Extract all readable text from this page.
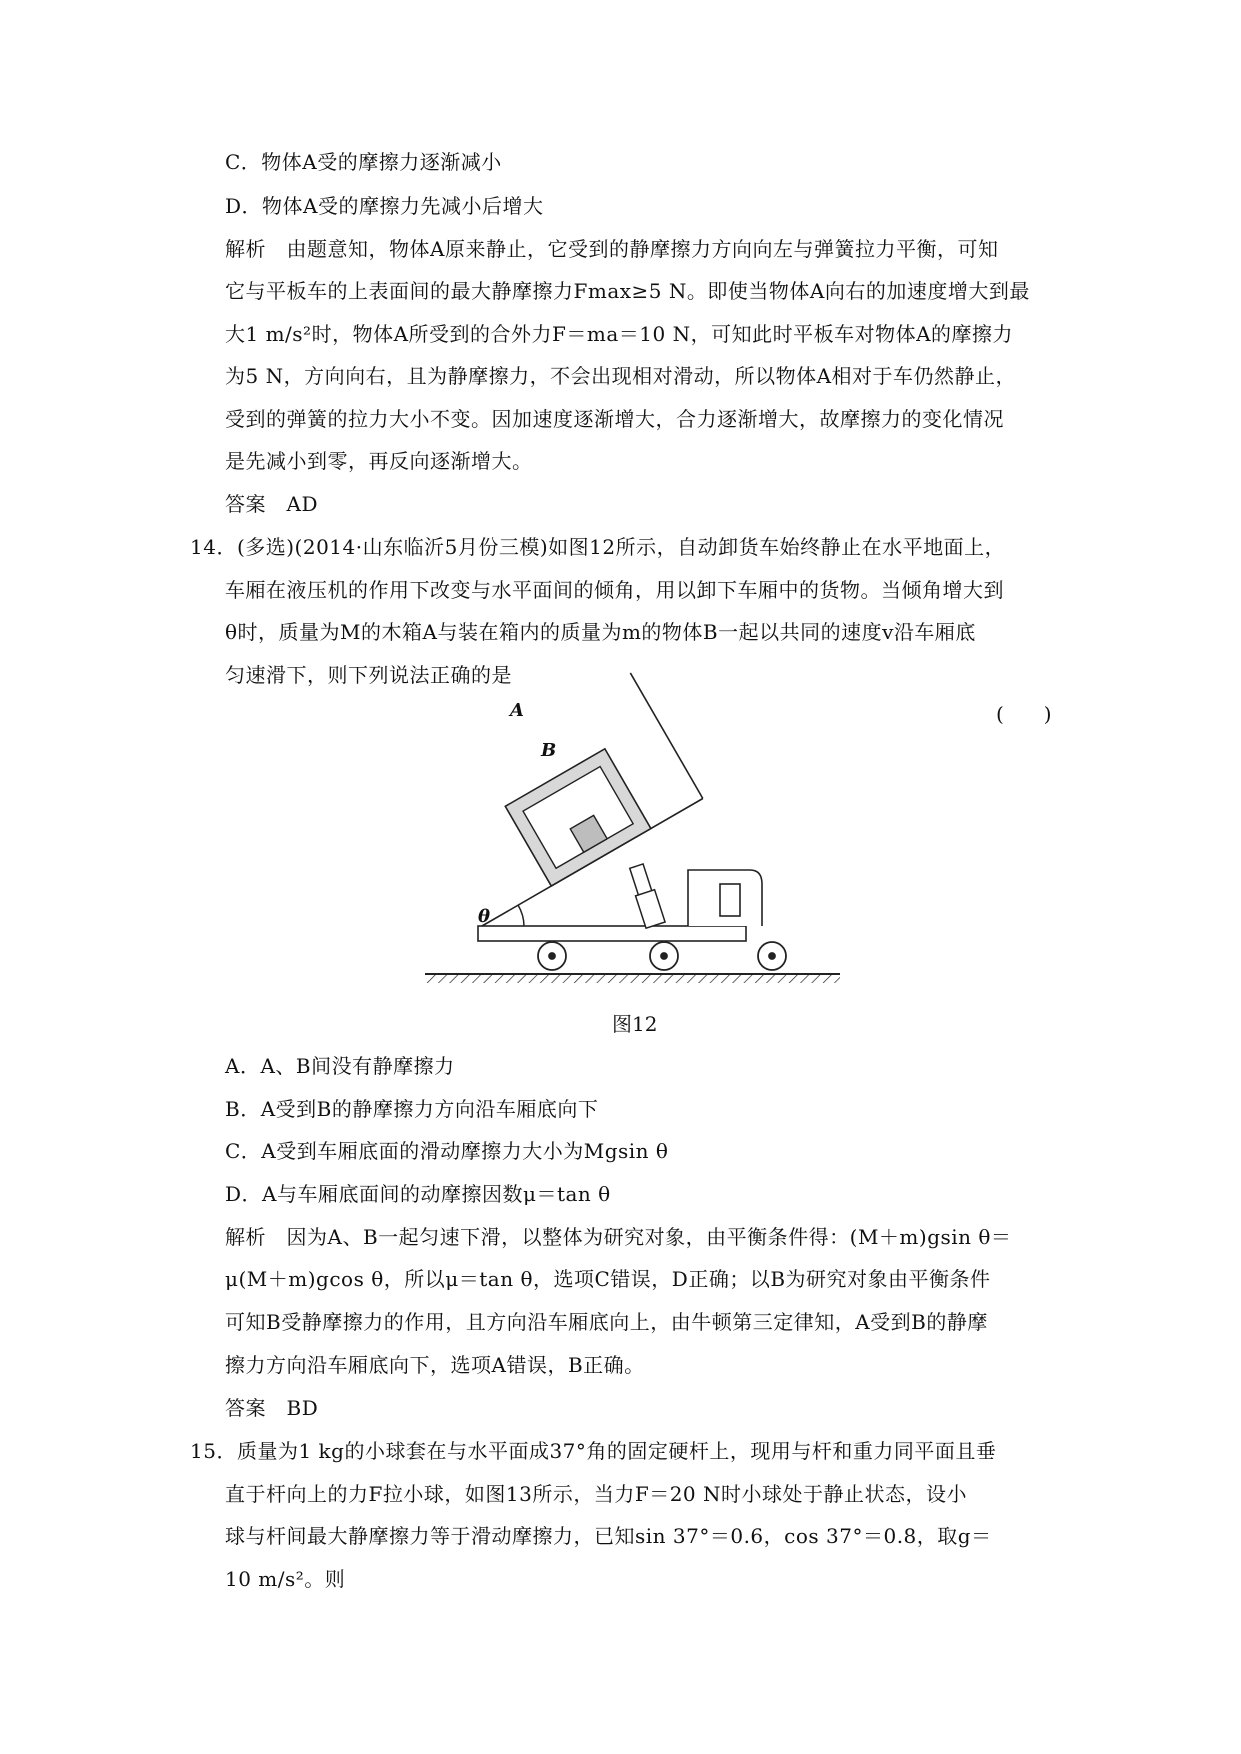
C．物体A受的摩擦力逐渐减小
D．物体A受的摩擦力先减小后增大
解析　由题意知，物体A原来静止，它受到的静摩擦力方向向左与弹簧拉力平衡，可知
它与平板车的上表面间的最大静摩擦力Fmax≥5 N。即使当物体A向右的加速度增大到最
大1 m/s²时，物体A所受到的合外力F＝ma＝10 N，可知此时平板车对物体A的摩擦力
为5 N，方向向右，且为静摩擦力，不会出现相对滑动，所以物体A相对于车仍然静止，
受到的弹簧的拉力大小不变。因加速度逐渐增大，合力逐渐增大，故摩擦力的变化情况
是先减小到零，再反向逐渐增大。
答案　AD
14．(多选)(2014·山东临沂5月份三模)如图12所示，自动卸货车始终静止在水平地面上，
车厢在液压机的作用下改变与水平面间的倾角，用以卸下车厢中的货物。当倾角增大到
θ时，质量为M的木箱A与装在箱内的质量为m的物体B一起以共同的速度v沿车厢底
匀速滑下，则下列说法正确的是
(　　)
θ
A
B
图12
A．A、B间没有静摩擦力
B．A受到B的静摩擦力方向沿车厢底向下
C．A受到车厢底面的滑动摩擦力大小为Mgsin θ
D．A与车厢底面间的动摩擦因数μ＝tan θ
解析　因为A、B一起匀速下滑，以整体为研究对象，由平衡条件得：(M＋m)gsin θ＝
μ(M＋m)gcos θ，所以μ＝tan θ，选项C错误，D正确；以B为研究对象由平衡条件
可知B受静摩擦力的作用，且方向沿车厢底向上，由牛顿第三定律知，A受到B的静摩
擦力方向沿车厢底向下，选项A错误，B正确。
答案　BD
15．质量为1 kg的小球套在与水平面成37°角的固定硬杆上，现用与杆和重力同平面且垂
直于杆向上的力F拉小球，如图13所示，当力F＝20 N时小球处于静止状态，设小
球与杆间最大静摩擦力等于滑动摩擦力，已知sin 37°＝0.6，cos 37°＝0.8，取g＝
10 m/s²。则
